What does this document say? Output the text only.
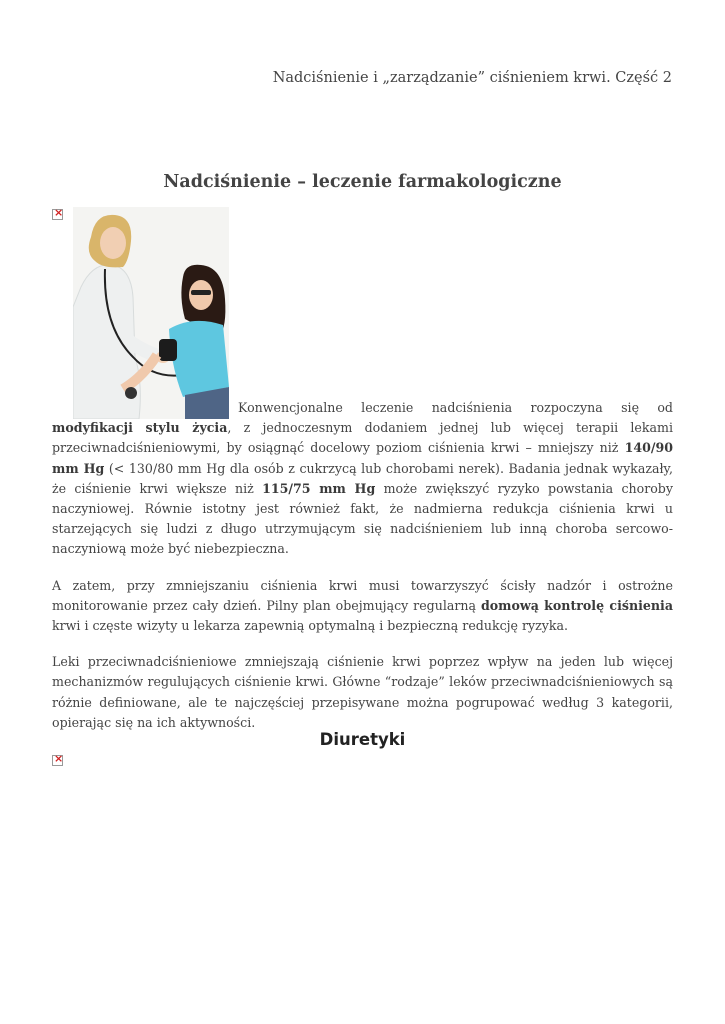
Nadciśnienie i „zarządzanie” ciśnieniem krwi. Część 2
Nadciśnienie – leczenie farmakologiczne
×

Konwencjonalne leczenie nadciśnienia rozpoczyna się od modyfikacji stylu życia, z jednoczesnym dodaniem jednej lub więcej terapii lekami przeciwnadciśnieniowymi, by osiągnąć docelowy poziom ciśnienia krwi – mniejszy niż 140/90 mm Hg (< 130/80 mm Hg dla osób z cukrzycą lub chorobami nerek). Badania jednak wykazały, że ciśnienie krwi większe niż 115/75 mm Hg może zwiększyć ryzyko powstania choroby naczyniowej. Równie istotny jest również fakt, że nadmierna redukcja ciśnienia krwi u starzejących się ludzi z długo utrzymującym się nadciśnieniem lub inną choroba sercowo-naczyniową może być niebezpieczna.

A zatem, przy zmniejszaniu ciśnienia krwi musi towarzyszyć ścisły nadzór i ostrożne monitorowanie przez cały dzień. Pilny plan obejmujący regularną domową kontrolę ciśnienia krwi i częste wizyty u lekarza zapewnią optymalną i bezpieczną redukcję ryzyka.

Leki przeciwnadciśnieniowe zmniejszają ciśnienie krwi poprzez wpływ na jeden lub więcej mechanizmów regulujących ciśnienie krwi. Główne “rodzaje” leków przeciwnadciśnieniowych są różnie definiowane, ale te najczęściej przepisywane można pogrupować według 3 kategorii, opierając się na ich aktywności.

Diuretyki
×
